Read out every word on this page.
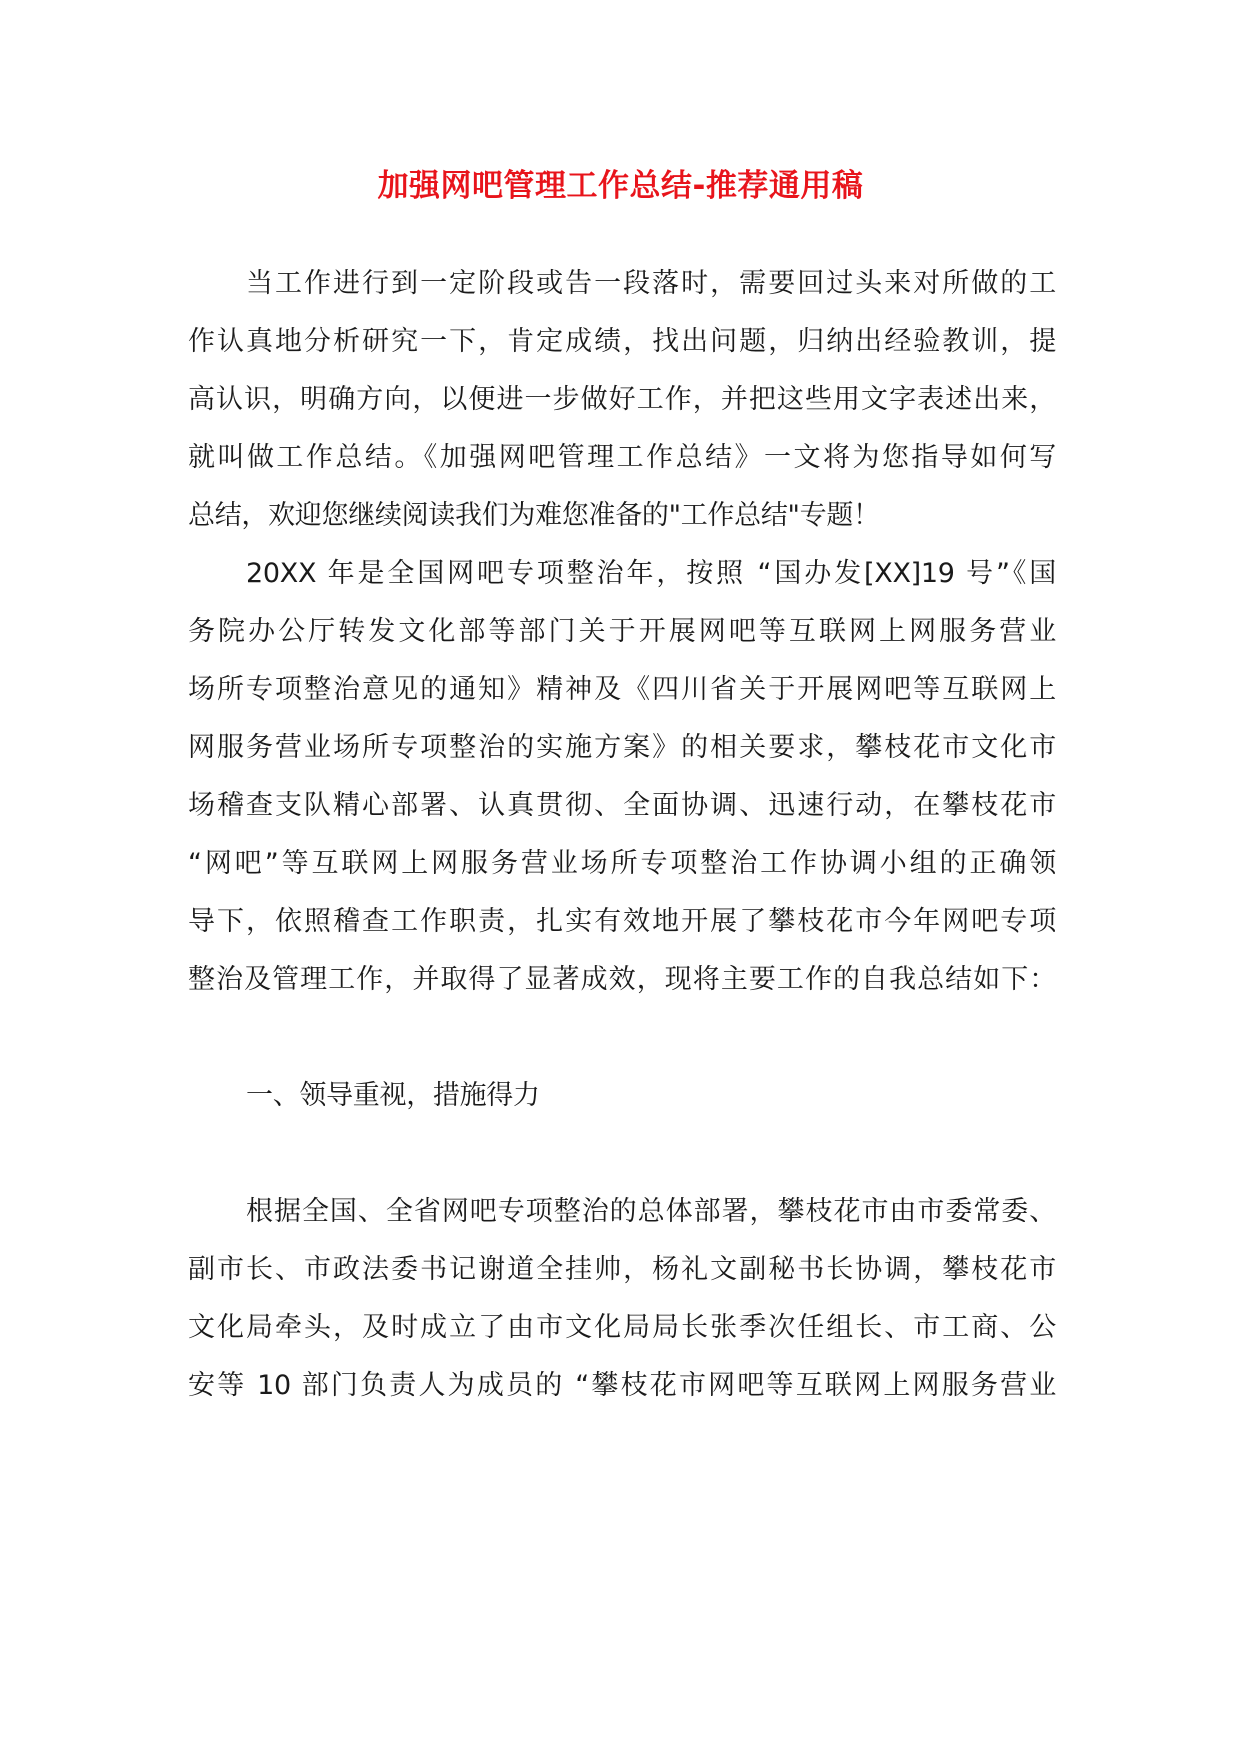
加强网吧管理工作总结-推荐通用稿
当工作进行到一定阶段或告一段落时，需要回过头来对所做的工
作认真地分析研究一下，肯定成绩，找出问题，归纳出经验教训，提
高认识，明确方向，以便进一步做好工作，并把这些用文字表述出来，
就叫做工作总结。《加强网吧管理工作总结》一文将为您指导如何写
总结，欢迎您继续阅读我们为难您准备的"工作总结"专题！
20XX 年是全国网吧专项整治年，按照 “国办发[XX]19 号”《国
务院办公厅转发文化部等部门关于开展网吧等互联网上网服务营业
场所专项整治意见的通知》精神及《四川省关于开展网吧等互联网上
网服务营业场所专项整治的实施方案》的相关要求，攀枝花市文化市
场稽查支队精心部署、认真贯彻、全面协调、迅速行动，在攀枝花市
“网吧”等互联网上网服务营业场所专项整治工作协调小组的正确领
导下，依照稽查工作职责，扎实有效地开展了攀枝花市今年网吧专项
整治及管理工作，并取得了显著成效，现将主要工作的自我总结如下：
一、领导重视，措施得力
根据全国、全省网吧专项整治的总体部署，攀枝花市由市委常委、
副市长、市政法委书记谢道全挂帅，杨礼文副秘书长协调，攀枝花市
文化局牵头，及时成立了由市文化局局长张季次任组长、市工商、公
安等 10 部门负责人为成员的 “攀枝花市网吧等互联网上网服务营业
